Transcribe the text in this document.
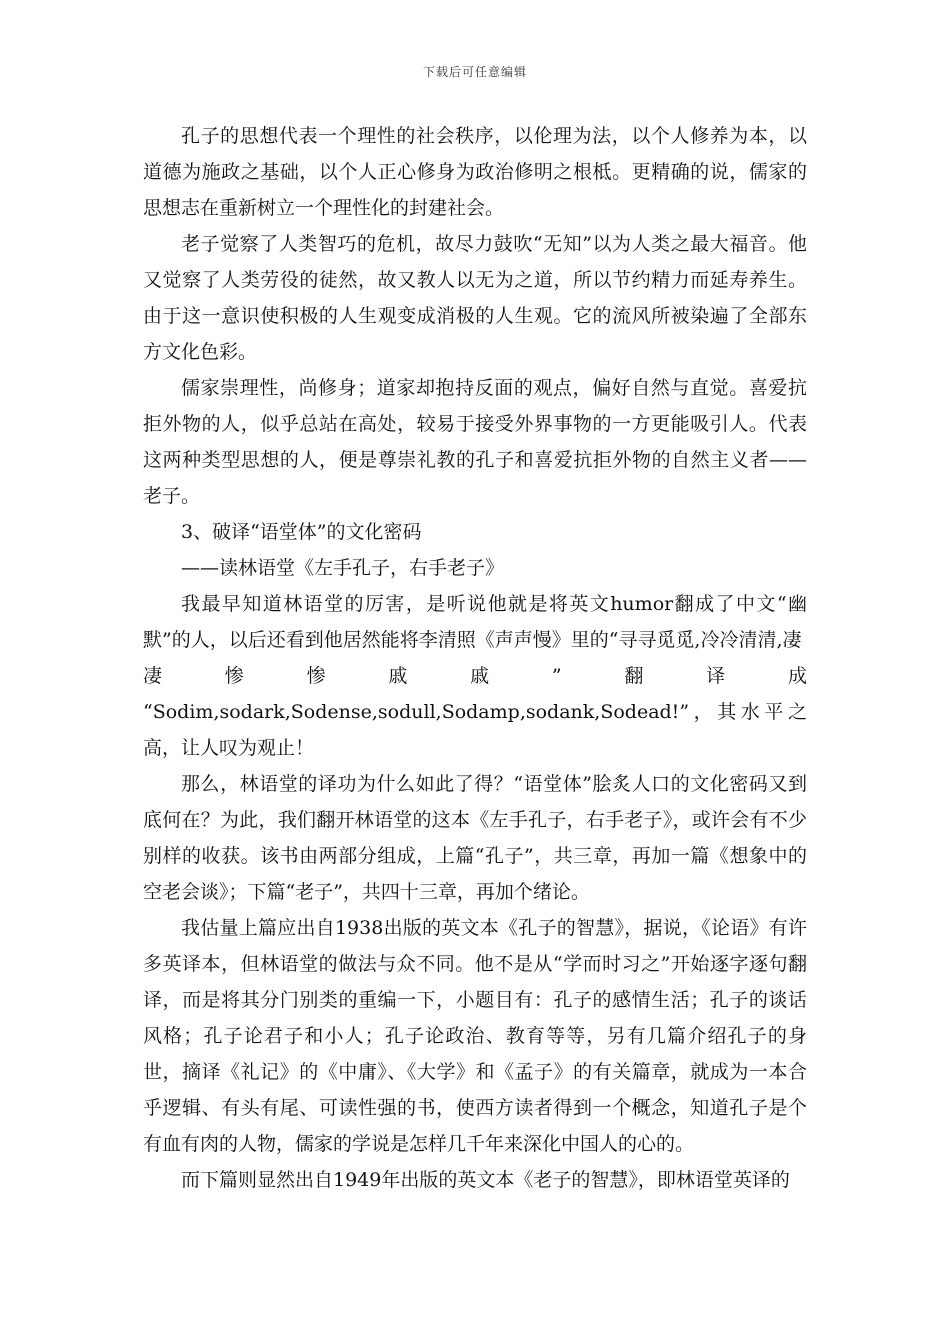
下载后可任意编辑

孔子的思想代表一个理性的社会秩序，以伦理为法，以个人修养为本，以道德为施政之基础，以个人正心修身为政治修明之根柢。更精确的说，儒家的思想志在重新树立一个理性化的封建社会。

老子觉察了人类智巧的危机，故尽力鼓吹“无知”以为人类之最大福音。他又觉察了人类劳役的徒然，故又教人以无为之道，所以节约精力而延寿养生。由于这一意识使积极的人生观变成消极的人生观。它的流风所被染遍了全部东方文化色彩。

儒家崇理性，尚修身；道家却抱持反面的观点，偏好自然与直觉。喜爱抗拒外物的人，似乎总站在高处，较易于接受外界事物的一方更能吸引人。代表这两种类型思想的人，便是尊崇礼教的孔子和喜爱抗拒外物的自然主义者——老子。

3、破译“语堂体”的文化密码

——读林语堂《左手孔子，右手老子》

我最早知道林语堂的厉害，是听说他就是将英文humor翻成了中文“幽默”的人，以后还看到他居然能将李清照《声声慢》里的“寻寻觅觅,冷冷清清,凄

凄	惨	惨	戚	戚	”	翻	译	成

“Sodim,sodark,Sodense,sodull,Sodamp,sodank,Sodead!”，其水平之高，让人叹为观止！

那么，林语堂的译功为什么如此了得？“语堂体”脍炙人口的文化密码又到底何在？为此，我们翻开林语堂的这本《左手孔子，右手老子》，或许会有不少别样的收获。该书由两部分组成，上篇“孔子”，共三章，再加一篇《想象中的空老会谈》；下篇“老子”，共四十三章，再加个绪论。

我估量上篇应出自1938出版的英文本《孔子的智慧》，据说，《论语》有许多英译本，但林语堂的做法与众不同。他不是从“学而时习之”开始逐字逐句翻译，而是将其分门别类的重编一下，小题目有：孔子的感情生活；孔子的谈话风格；孔子论君子和小人；孔子论政治、教育等等，另有几篇介绍孔子的身世，摘译《礼记》的《中庸》、《大学》和《孟子》的有关篇章，就成为一本合乎逻辑、有头有尾、可读性强的书，使西方读者得到一个概念，知道孔子是个有血有肉的人物，儒家的学说是怎样几千年来深化中国人的心的。

而下篇则显然出自1949年出版的英文本《老子的智慧》，即林语堂英译的
